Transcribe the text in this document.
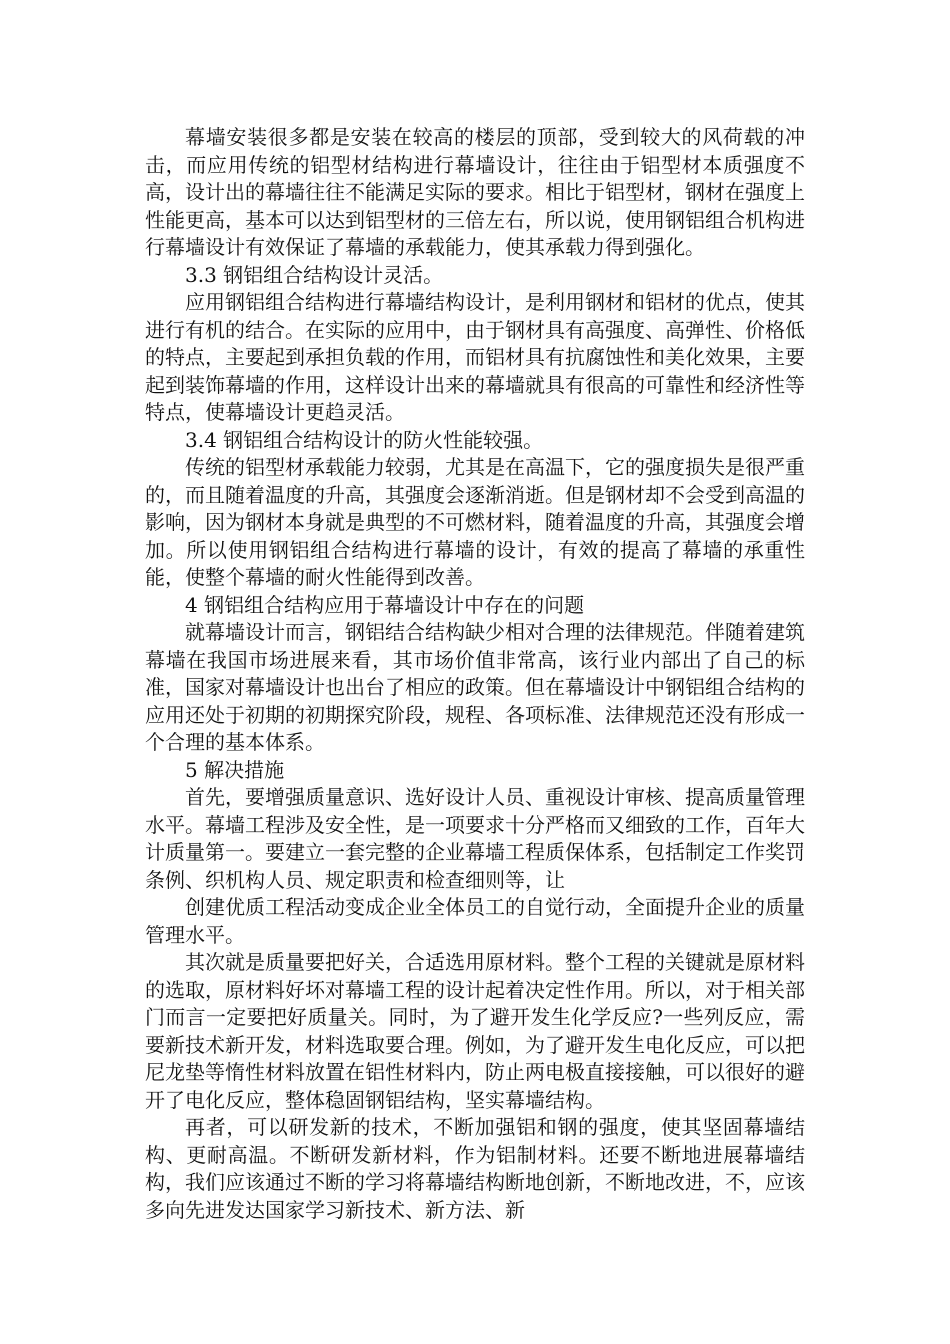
幕墙安装很多都是安装在较高的楼层的顶部，受到较大的风荷载的冲击，而应用传统的铝型材结构进行幕墙设计，往往由于铝型材本质强度不高，设计出的幕墙往往不能满足实际的要求。相比于铝型材，钢材在强度上性能更高，基本可以达到铝型材的三倍左右，所以说，使用钢铝组合机构进行幕墙设计有效保证了幕墙的承载能力，使其承载力得到强化。

3.3 钢铝组合结构设计灵活。

应用钢铝组合结构进行幕墙结构设计，是利用钢材和铝材的优点，使其进行有机的结合。在实际的应用中，由于钢材具有高强度、高弹性、价格低的特点，主要起到承担负载的作用，而铝材具有抗腐蚀性和美化效果，主要起到装饰幕墙的作用，这样设计出来的幕墙就具有很高的可靠性和经济性等特点，使幕墙设计更趋灵活。

3.4 钢铝组合结构设计的防火性能较强。

传统的铝型材承载能力较弱，尤其是在高温下，它的强度损失是很严重的，而且随着温度的升高，其强度会逐渐消逝。但是钢材却不会受到高温的影响，因为钢材本身就是典型的不可燃材料，随着温度的升高，其强度会增加。所以使用钢铝组合结构进行幕墙的设计，有效的提高了幕墙的承重性能，使整个幕墙的耐火性能得到改善。

4 钢铝组合结构应用于幕墙设计中存在的问题

就幕墙设计而言，钢铝结合结构缺少相对合理的法律规范。伴随着建筑幕墙在我国市场进展来看，其市场价值非常高，该行业内部出了自己的标准，国家对幕墙设计也出台了相应的政策。但在幕墙设计中钢铝组合结构的应用还处于初期的初期探究阶段，规程、各项标准、法律规范还没有形成一个合理的基本体系。

5 解决措施

首先，要增强质量意识、选好设计人员、重视设计审核、提高质量管理水平。幕墙工程涉及安全性，是一项要求十分严格而又细致的工作，百年大计质量第一。要建立一套完整的企业幕墙工程质保体系，包括制定工作奖罚条例、织机构人员、规定职责和检查细则等，让

创建优质工程活动变成企业全体员工的自觉行动，全面提升企业的质量管理水平。

其次就是质量要把好关，合适选用原材料。整个工程的关键就是原材料的选取，原材料好坏对幕墙工程的设计起着决定性作用。所以，对于相关部门而言一定要把好质量关。同时，为了避开发生化学反应?一些列反应，需要新技术新开发，材料选取要合理。例如，为了避开发生电化反应，可以把尼龙垫等惰性材料放置在铝性材料内，防止两电极直接接触，可以很好的避开了电化反应，整体稳固钢铝结构，坚实幕墙结构。

再者，可以研发新的技术，不断加强铝和钢的强度，使其坚固幕墙结构、更耐高温。不断研发新材料，作为铝制材料。还要不断地进展幕墙结构，我们应该通过不断的学习将幕墙结构断地创新，不断地改进，不，应该多向先进发达国家学习新技术、新方法、新
